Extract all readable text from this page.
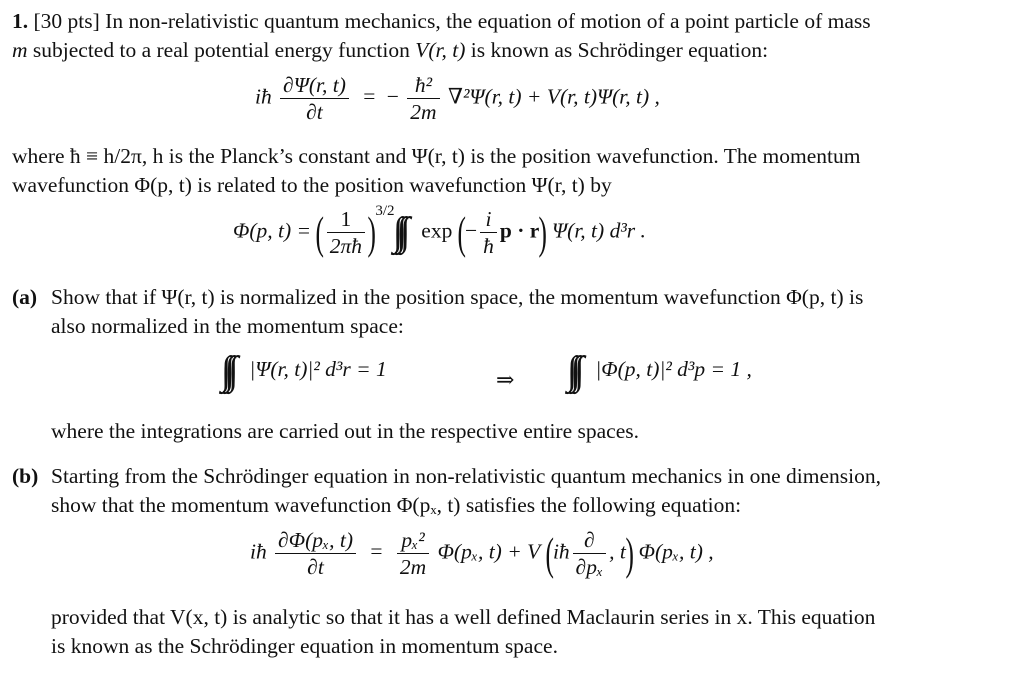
1. [30 pts] In non-relativistic quantum mechanics, the equation of motion of a point particle of mass
m subjected to a real potential energy function V(r, t) is known as Schrödinger equation:
iħ $\frac{\partial\Psi(r, t)}{\partial t}$ = − $\frac{\text{ħ²}}{2m} \nabla^2\Psi(r$, t) + V(r, t)Ψ(r, t) ,
where ħ ≡ h/2π, h is the Planck’s constant and Ψ(r, t) is the position wavefunction. The momentum
wavefunction Φ(p, t) is related to the position wavefunction Ψ(r, t) by
Φ(p, t) = ( $\frac{1}{2\pi ħ} )^{3/2}$  exp (− $\frac{i}{ħ}$ p · r) Ψ(r, t) d³r .
(a) Show that if Ψ(r, t) is normalized in the position space, the momentum wavefunction Φ(p, t) is
also normalized in the momentum space:
|Ψ(r, t)|² d³r = 1	⇒	|Φ(p, t)|² d³p = 1 ,
where the integrations are carried out in the respective entire spaces.
(b) Starting from the Schrödinger equation in non-relativistic quantum mechanics in one dimension,
show that the momentum wavefunction Φ(pₓ, t) satisfies the following equation:
iħ $\frac{\text{∂Φ(pₓ, t)}}{\partial t} = \frac{\text{pₓ²}}{2m} \Phi(p_x$, t) + V (iħ $\frac{\partial}{\text{∂pₓ}}$ , t) Φ(pₓ, t) ,
provided that V(x, t) is analytic so that it has a well defined Maclaurin series in x. This equation
is known as the Schrödinger equation in momentum space.
